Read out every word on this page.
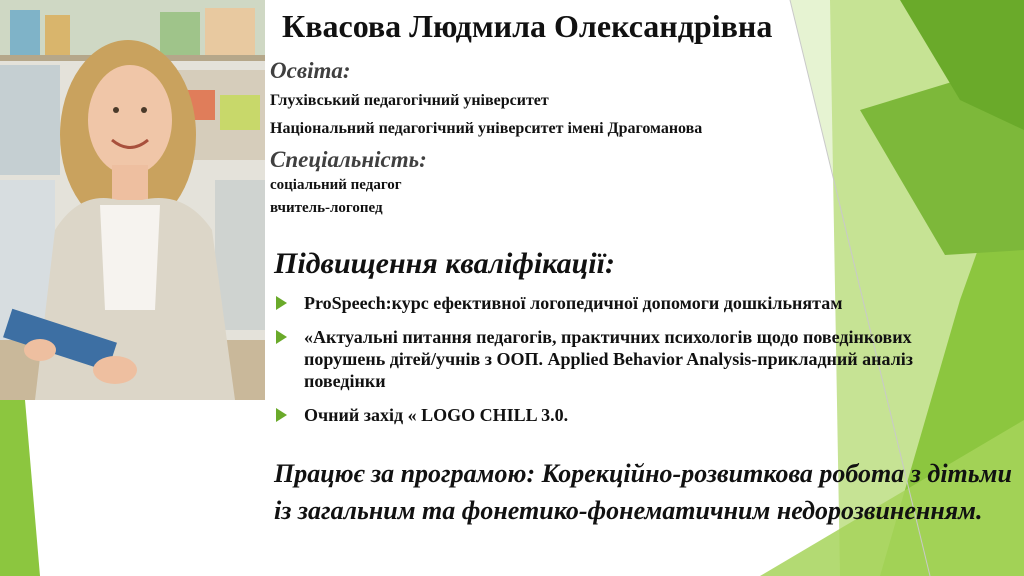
Квасова Людмила Олександрівна
Освіта:
Глухівський педагогічний університет
Національний педагогічний університет імені Драгоманова
Спеціальність:
соціальний педагог
вчитель-логопед
Підвищення кваліфікації:
ProSpeech:курс ефективної логопедичної допомоги дошкільнятам
«Актуальні питання педагогів, практичних психологів щодо поведінкових порушень дітей/учнів з ООП. Applied Behavior Analysis-прикладний аналіз поведінки
Очний захід « LOGO CHILL 3.0.
Працює за програмою: Корекційно-розвиткова робота з дітьми із загальним та фонетико-фонематичним недорозвиненням.
